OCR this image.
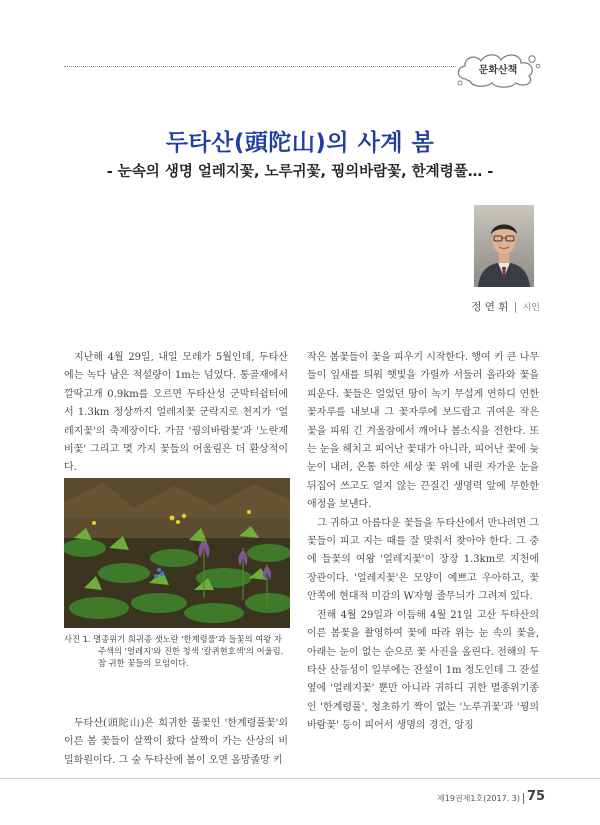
문화산책
두타산(頭陀山)의 사계 봄
- 눈속의 생명 얼레지꽃, 노루귀꽃, 꿩의바람꽃, 한계령풀… -
정 연 휘 | 시인

지난해 4월 29일, 내일 모레가 5월인데, 두타산에는 녹다 남은 적설량이 1m는 넘었다. 통골재에서 깔딱고개 0.9km를 오르면 두타산성 군막터쉼터에서 1.3km 정상까지 얼레지꽃 군락지로 천지가 '얼레지꽃'의 축제장이다. 가끔 '꿩의바람꽃'과 '노란제비꽃' 그리고 몇 가지 꽃들의 어울림은 더 환상적이다.

사진 1. 멸종위기 희귀종 샛노란 '한계령풀'과 들꽃의 여왕 자
주색의 '얼레지'와 진한 청색 '칼퀴현호색'의 어울림.
참 귀한 꽃들의 모임이다.

두타산(頭陀山)은 희귀한 풀꽃인 '한계령풀꽃'외 이른 봄 꽃들이 살짝이 왔다 살짝이 가는 산상의 비밀화원이다. 그 숲 두타산에 봄이 오면 올망졸망 키

작은 봄꽃들이 꽃을 피우기 시작한다. 행여 키 큰 나무들이 잎새를 틔워 햇빛을 가릴까 서둘러 올라와 꽃을 피운다. 꽃들은 얼었던 땅이 녹기 무섭게 연하디 연한 꽃자루를 내보내 그 꽃자루에 보드랍고 귀여운 작은 꽃을 피워 긴 겨울잠에서 깨어나 봄소식을 전한다. 또는 눈을 헤치고 피어난 꽃대가 아니라, 피어난 꽃에 늦눈이 내려, 온통 하얀 세상 꽃 위에 내린 자가운 눈을 뒤집어 쓰고도 얼지 않는 끈질긴 생명력 앞에 무한한 애정을 보낸다.

그 귀하고 아름다운 꽃들을 두타산에서 만나려면 그 꽃들이 피고 지는 때를 잘 맞춰서 찾아야 한다. 그 중에 들꽃의 여왕 '얼레지꽃'이 장장 1.3km로 지천에 장관이다. '얼레지꽃'은 모양이 예쁘고 우아하고, 꽃 안쪽에 현대적 미감의 W자형 줄무늬가 그려져 있다.

전해 4월 29일과 이듬해 4월 21일 고산 두타산의 이른 봄꽃을 촬영하여 꽃에 따라 위는 눈 속의 꽃을, 아래는 눈이 없는 순으로 꽃 사진을 올린다. 전해의 두타산 산등성이 일부에는 잔설이 1m 정도인데 그 잔설 옆에 '얼레지꽃' 뿐만 아니라 귀하디 귀한 멸종위기종인 '한계령풀', 청초하기 짝이 없는 '노루귀꽃'과 '꿩의바람꽃' 등이 피어서 생명의 경건, 앙징

제19권제1호(2017. 3) 75
